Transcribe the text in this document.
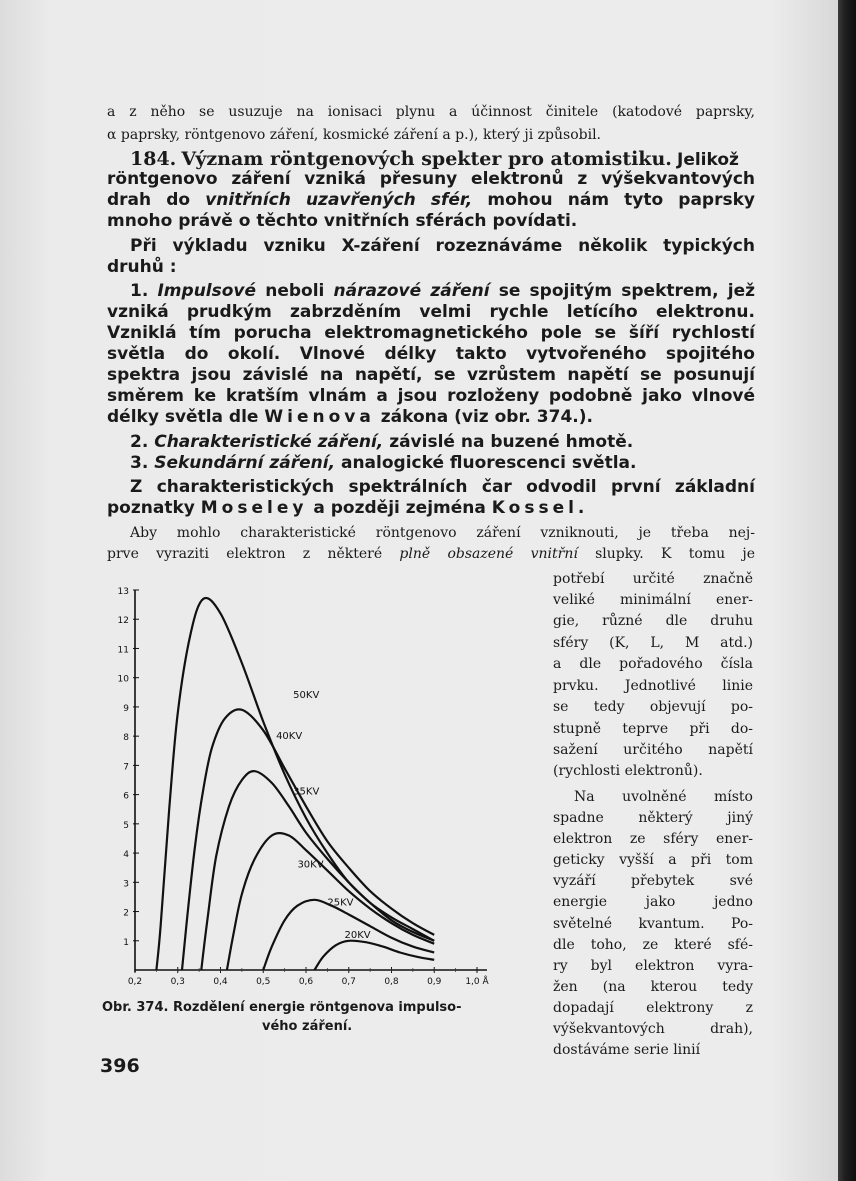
a z něho se usuzuje na ionisaci plynu a účinnost činitele (katodové paprsky,
α paprsky, röntgenovo záření, kosmické záření a p.), který ji způsobil.
184. Význam röntgenových spekter pro atomistiku. Jelikož
röntgenovo záření vzniká přesuny elektronů z výšekvantových
drah do vnitřních uzavřených sfér, mohou nám tyto paprsky
mnoho právě o těchto vnitřních sférách povídati.
Při výkladu vzniku X-záření rozeznáváme několik typických
druhů :
1. Impulsové neboli nárazové záření se spojitým spektrem, jež
vzniká prudkým zabrzděním velmi rychle letícího elektronu.
Vzniklá tím porucha elektromagnetického pole se šíří rychlostí
světla do okolí. Vlnové délky takto vytvořeného spojitého
spektra jsou závislé na napětí, se vzrůstem napětí se posunují
směrem ke kratším vlnám a jsou rozloženy podobně jako vlnové
délky světla dle Wienova zákona (viz obr. 374.).
2. Charakteristické záření, závislé na buzené hmotě.
3. Sekundární záření, analogické fluorescenci světla.
Z charakteristických spektrálních čar odvodil první základní
poznatky Moseley a později zejména Kossel.
Aby mohlo charakteristické röntgenovo záření vzniknouti, je třeba nej-
prve vyraziti elektron z některé plně obsazené vnitřní slupky. K tomu je
potřebí určité značně
veliké minimální ener-
gie, různé dle druhu
sféry (K, L, M atd.)
a dle pořadového čísla
prvku. Jednotlivé linie
se tedy objevují po-
stupně teprve při do-
sažení určitého napětí
(rychlosti elektronů).
Na uvolněné místo
spadne některý jiný
elektron ze sféry ener-
geticky vyšší a při tom
vyzáří přebytek své
energie jako jedno
světelné kvantum. Po-
dle toho, ze které sfé-
ry byl elektron vyra-
žen (na kterou tedy
dopadají elektrony z
výšekvantových drah),
dostáváme serie linií
1
2
3
4
5
6
7
8
9
10
11
12
13
0,2	0,3	0,4	0,5	0,6	0,7	0,8	0,9	1,0 Å
50KV
40KV
35KV
30KV
25KV
20KV
Obr. 374. Rozdělení energie röntgenova impulso-
vého záření.
396
